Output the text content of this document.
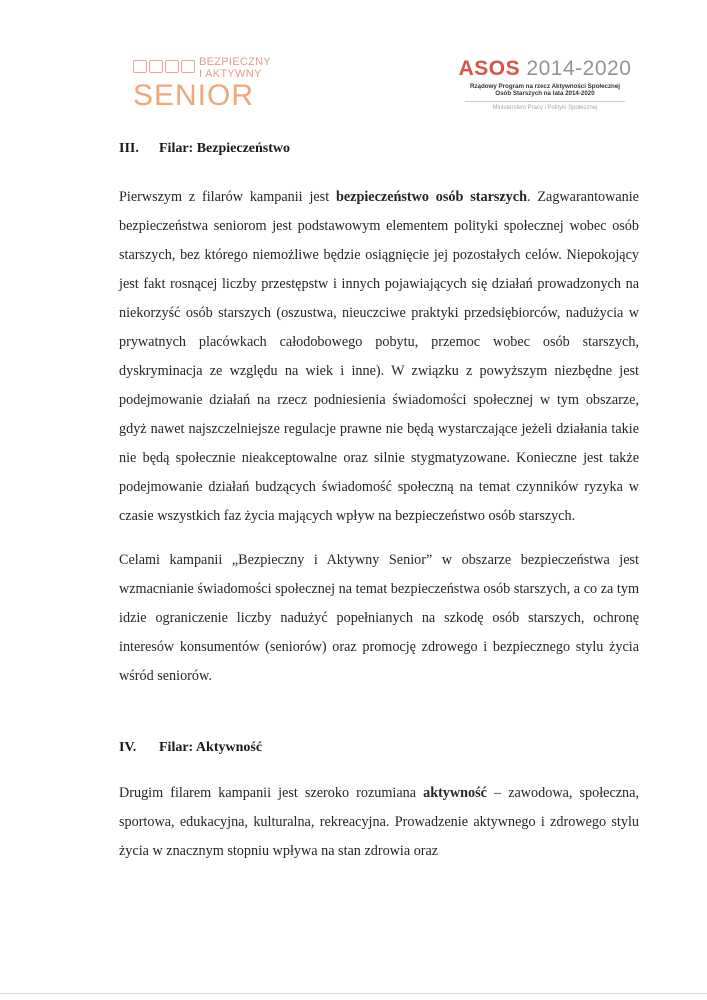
BEZPIECZNY
I AKTYWNY
SENIOR
ASOS 2014-2020
Rządowy Program na rzecz Aktywności Społecznej
Osób Starszych na lata 2014-2020
Ministerstwo Pracy i Polityki Społecznej
III.	Filar: Bezpieczeństwo

Pierwszym z filarów kampanii jest bezpieczeństwo osób starszych. Zagwarantowanie bezpieczeństwa seniorom jest podstawowym elementem polityki społecznej wobec osób starszych, bez którego niemożliwe będzie osiągnięcie jej pozostałych celów. Niepokojący jest fakt rosnącej liczby przestępstw i innych pojawiających się działań prowadzonych na niekorzyść osób starszych (oszustwa, nieuczciwe praktyki przedsiębiorców, nadużycia w prywatnych placówkach całodobowego pobytu, przemoc wobec osób starszych, dyskryminacja ze względu na wiek i inne). W związku z powyższym niezbędne jest podejmowanie działań na rzecz podniesienia świadomości społecznej w tym obszarze, gdyż nawet najszczelniejsze regulacje prawne nie będą wystarczające jeżeli działania takie nie będą społecznie nieakceptowalne oraz silnie stygmatyzowane. Konieczne jest także podejmowanie działań budzących świadomość społeczną na temat czynników ryzyka w czasie wszystkich faz życia mających wpływ na bezpieczeństwo osób starszych.

Celami kampanii „Bezpieczny i Aktywny Senior” w obszarze bezpieczeństwa jest wzmacnianie świadomości społecznej na temat bezpieczeństwa osób starszych, a co za tym idzie ograniczenie liczby nadużyć popełnianych na szkodę osób starszych, ochronę interesów konsumentów (seniorów) oraz promocję zdrowego i bezpiecznego stylu życia wśród seniorów.

IV.	Filar: Aktywność

Drugim filarem kampanii jest szeroko rozumiana aktywność – zawodowa, społeczna, sportowa, edukacyjna, kulturalna, rekreacyjna. Prowadzenie aktywnego i zdrowego stylu życia w znacznym stopniu wpływa na stan zdrowia oraz
